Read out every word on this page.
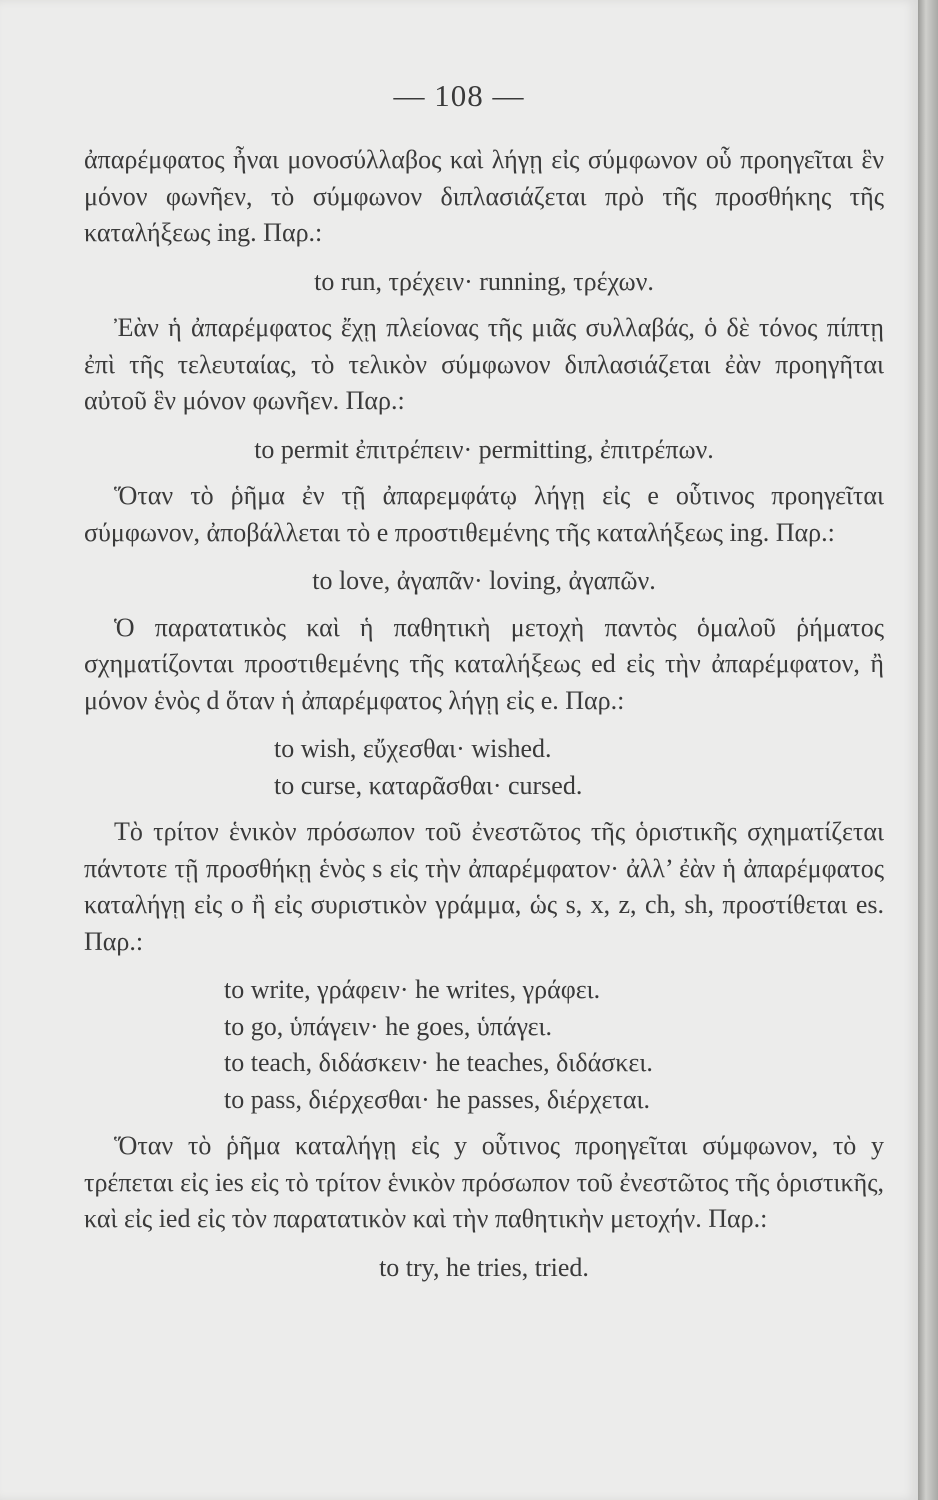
— 108 —

ἀπαρέμφατος ἦναι μονοσύλλαβος καὶ λήγῃ εἰς σύμφωνον οὗ προηγεῖται ἓν μόνον φωνῆεν, τὸ σύμφωνον διπλασιάζεται πρὸ τῆς προσθήκης τῆς καταλήξεως ing. Παρ.:

to run, τρέχειν· running, τρέχων.

Ἐὰν ἡ ἀπαρέμφατος ἔχῃ πλείονας τῆς μιᾶς συλλαβάς, ὁ δὲ τόνος πίπτῃ ἐπὶ τῆς τελευταίας, τὸ τελικὸν σύμφωνον διπλασιάζεται ἐὰν προηγῆται αὐτοῦ ἓν μόνον φωνῆεν. Παρ.:

to permit ἐπιτρέπειν· permitting, ἐπιτρέπων.

Ὅταν τὸ ῥῆμα ἐν τῇ ἀπαρεμφάτῳ λήγῃ εἰς e οὗτινος προηγεῖται σύμφωνον, ἀποβάλλεται τὸ e προστιθεμένης τῆς καταλήξεως ing. Παρ.:

to love, ἀγαπᾶν· loving, ἀγαπῶν.

Ὁ παρατατικὸς καὶ ἡ παθητικὴ μετοχὴ παντὸς ὁμαλοῦ ῥήματος σχηματίζονται προστιθεμένης τῆς καταλήξεως ed εἰς τὴν ἀπαρέμφατον, ἢ μόνον ἑνὸς d ὅταν ἡ ἀπαρέμφατος λήγῃ εἰς e. Παρ.:

to wish, εὔχεσθαι· wished.
to curse, καταρᾶσθαι· cursed.

Τὸ τρίτον ἑνικὸν πρόσωπον τοῦ ἐνεστῶτος τῆς ὁριστικῆς σχηματίζεται πάντοτε τῇ προσθήκῃ ἑνὸς s εἰς τὴν ἀπαρέμφατον· ἀλλ’ ἐὰν ἡ ἀπαρέμφατος καταλήγῃ εἰς o ἢ εἰς συριστικὸν γράμμα, ὡς s, x, z, ch, sh, προστίθεται es. Παρ.:

to write, γράφειν· he writes, γράφει.
to go, ὑπάγειν· he goes, ὑπάγει.
to teach, διδάσκειν· he teaches, διδάσκει.
to pass, διέρχεσθαι· he passes, διέρχεται.

Ὅταν τὸ ῥῆμα καταλήγῃ εἰς y οὗτινος προηγεῖται σύμφωνον, τὸ y τρέπεται εἰς ies εἰς τὸ τρίτον ἑνικὸν πρόσωπον τοῦ ἐνεστῶτος τῆς ὁριστικῆς, καὶ εἰς ied εἰς τὸν παρατατικὸν καὶ τὴν παθητικὴν μετοχήν. Παρ.:

to try, he tries, tried.
